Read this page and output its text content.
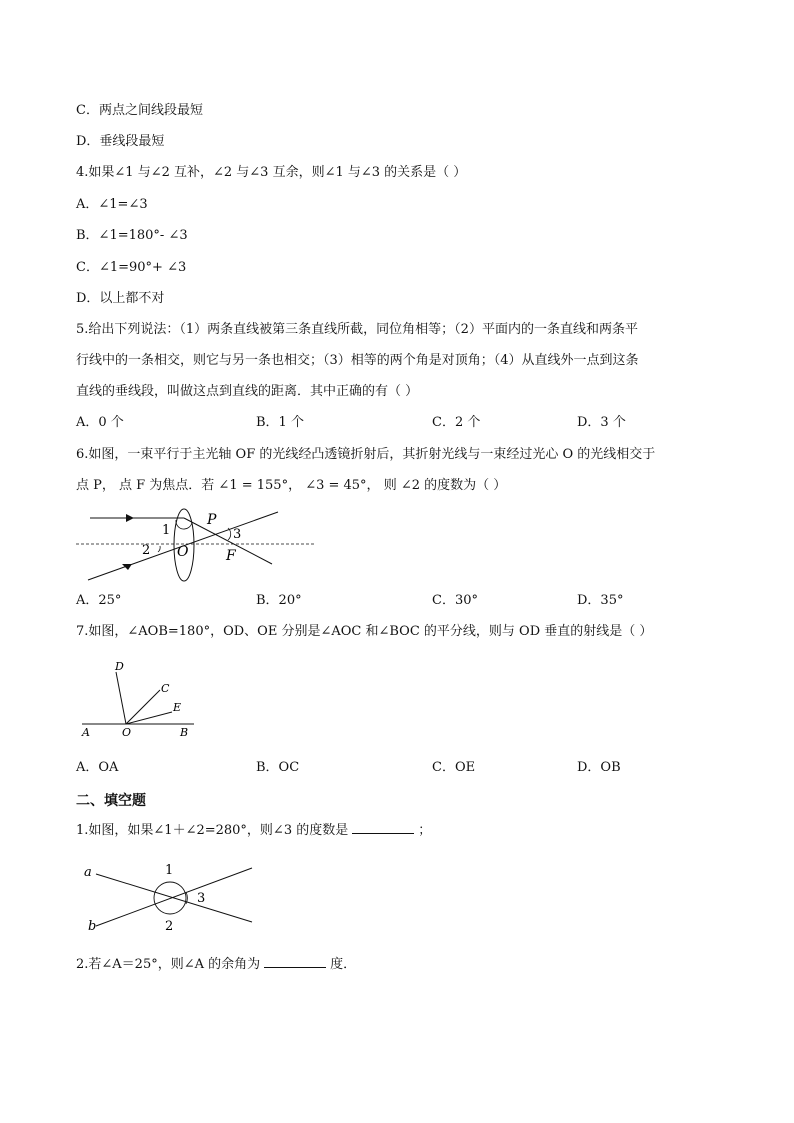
C．两点之间线段最短
D．垂线段最短
4.如果∠1 与∠2 互补，∠2 与∠3 互余，则∠1 与∠3 的关系是（ ）
A．∠1=∠3
B．∠1=180°- ∠3
C．∠1=90°+ ∠3
D．以上都不对
5.给出下列说法：（1）两条直线被第三条直线所截，同位角相等；（2）平面内的一条直线和两条平
行线中的一条相交，则它与另一条也相交；（3）相等的两个角是对顶角；（4）从直线外一点到这条
直线的垂线段，叫做这点到直线的距离．其中正确的有（ ）
A．0 个	B．1 个	C．2 个	D．3 个
6.如图，一束平行于主光轴 OF 的光线经凸透镜折射后，其折射光线与一束经过光心 O 的光线相交于
点 P， 点 F 为焦点．若 ∠1 = 155°， ∠3 = 45°， 则 ∠2 的度数为（ ）
1
2
3
O
P
F
A．25°	B．20°	C．30°	D．35°
7.如图，∠AOB=180°，OD、OE 分别是∠AOC 和∠BOC 的平分线，则与 OD 垂直的射线是（ ）
D
C
E
A	O	B
A．OA	B．OC	C．OE	D．OB
二、填空题
1.如图，如果∠1＋∠2=280°，则∠3 的度数是	；
a
b
1
2
3
2.若∠A＝25°，则∠A 的余角为	度．
